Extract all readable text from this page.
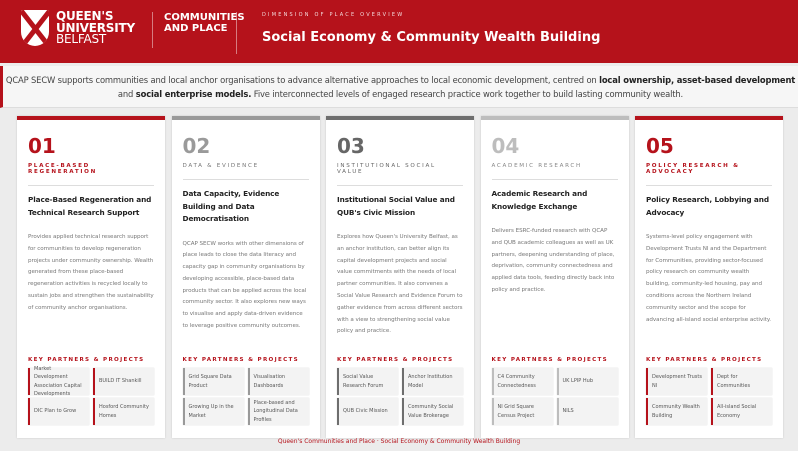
QUEEN'S
UNIVERSITY
BELFAST
COMMUNITIES
AND PLACE
DIMENSION OF PLACE OVERVIEW
Social Economy & Community Wealth Building
QCAP SECW supports communities and local anchor organisations to advance alternative approaches to local economic development, centred on local ownership, asset-based development and social enterprise models. Five interconnected levels of engaged research practice work together to build lasting community wealth.
01
PLACE-BASED REGENERATION
Place-Based Regeneration and Technical Research Support
Provides applied technical research support for communities to develop regeneration projects under community ownership. Wealth generated from these place-based regeneration activities is recycled locally to sustain jobs and strengthen the sustainability of community anchor organisations.
KEY PARTNERS & PROJECTS
Market Development Association Capital Developments
BUILD IT Shankill
DIC Plan to Grow
Hosford Community Homes
02
DATA & EVIDENCE
Data Capacity, Evidence Building and Data Democratisation
QCAP SECW works with other dimensions of place leads to close the data literacy and capacity gap in community organisations by developing accessible, place-based data products that can be applied across the local community sector. It also explores new ways to visualise and apply data-driven evidence to leverage positive community outcomes.
KEY PARTNERS & PROJECTS
Grid Square Data Product
Visualisation Dashboards
Growing Up in the Market
Place-based and Longitudinal Data Profiles
03
INSTITUTIONAL SOCIAL VALUE
Institutional Social Value and QUB's Civic Mission
Explores how Queen's University Belfast, as an anchor institution, can better align its capital development projects and social value commitments with the needs of local partner communities. It also convenes a Social Value Research and Evidence Forum to gather evidence from across different sectors with a view to strengthening social value policy and practice.
KEY PARTNERS & PROJECTS
Social Value Research Forum
Anchor Institution Model
QUB Civic Mission
Community Social Value Brokerage
04
ACADEMIC RESEARCH
Academic Research and Knowledge Exchange
Delivers ESRC-funded research with QCAP and QUB academic colleagues as well as UK partners, deepening understanding of place, deprivation, community connectedness and applied data tools, feeding directly back into policy and practice.
KEY PARTNERS & PROJECTS
C4 Community Connectedness
UK LPIP Hub
NI Grid Square Census Project
NILS
05
POLICY RESEARCH & ADVOCACY
Policy Research, Lobbying and Advocacy
Systems-level policy engagement with Development Trusts NI and the Department for Communities, providing sector-focused policy research on community wealth building, community-led housing, pay and conditions across the Northern Ireland community sector and the scope for advancing all-island social enterprise activity.
KEY PARTNERS & PROJECTS
Development Trusts NI
Dept for Communities
Community Wealth Building
All-island Social Economy
Queen's Communities and Place · Social Economy & Community Wealth Building
